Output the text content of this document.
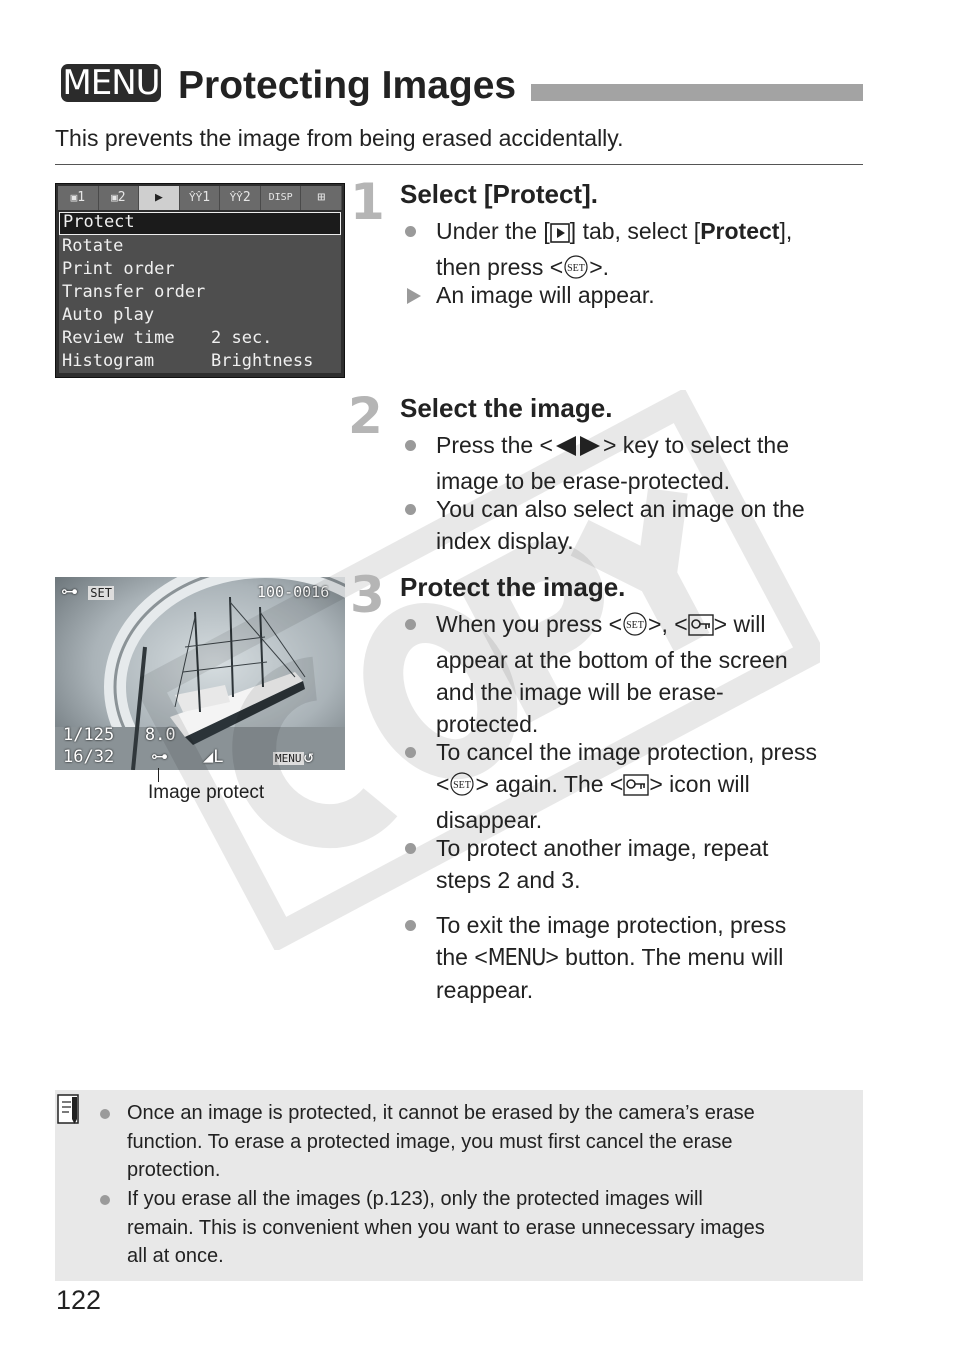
MENU Protecting Images
This prevents the image from being erased accidentally.
▣1	▣2	▶	ŶŶ1	ŶŶ2	DISP	⊞
Protect
Rotate
Print order
Transfer order
Auto play
Review time 2 sec.
Histogram	Brightness
⊶ SET	100-0016
1/125   8.0
16/32 ⊶ ◢L	MENU ↺
Image protect
1 Select [Protect].
Under the [ ] tab, select [Protect],
then press < SET >.
An image will appear.
2 Select the image.
Press the < > key to select the
image to be erase-protected.
You can also select an image on the
index display.
3 Protect the image.
When you press < SET >, < > will
appear at the bottom of the screen
and the image will be erase-
protected.
To cancel the image protection, press
< SET > again. The < > icon will
disappear.
To protect another image, repeat
steps 2 and 3.
To exit the image protection, press
the <MENU> button. The menu will
reappear.
Once an image is protected, it cannot be erased by the camera’s erase
function. To erase a protected image, you must first cancel the erase
protection.
If you erase all the images (p.123), only the protected images will
remain. This is convenient when you want to erase unnecessary images
all at once.
122
